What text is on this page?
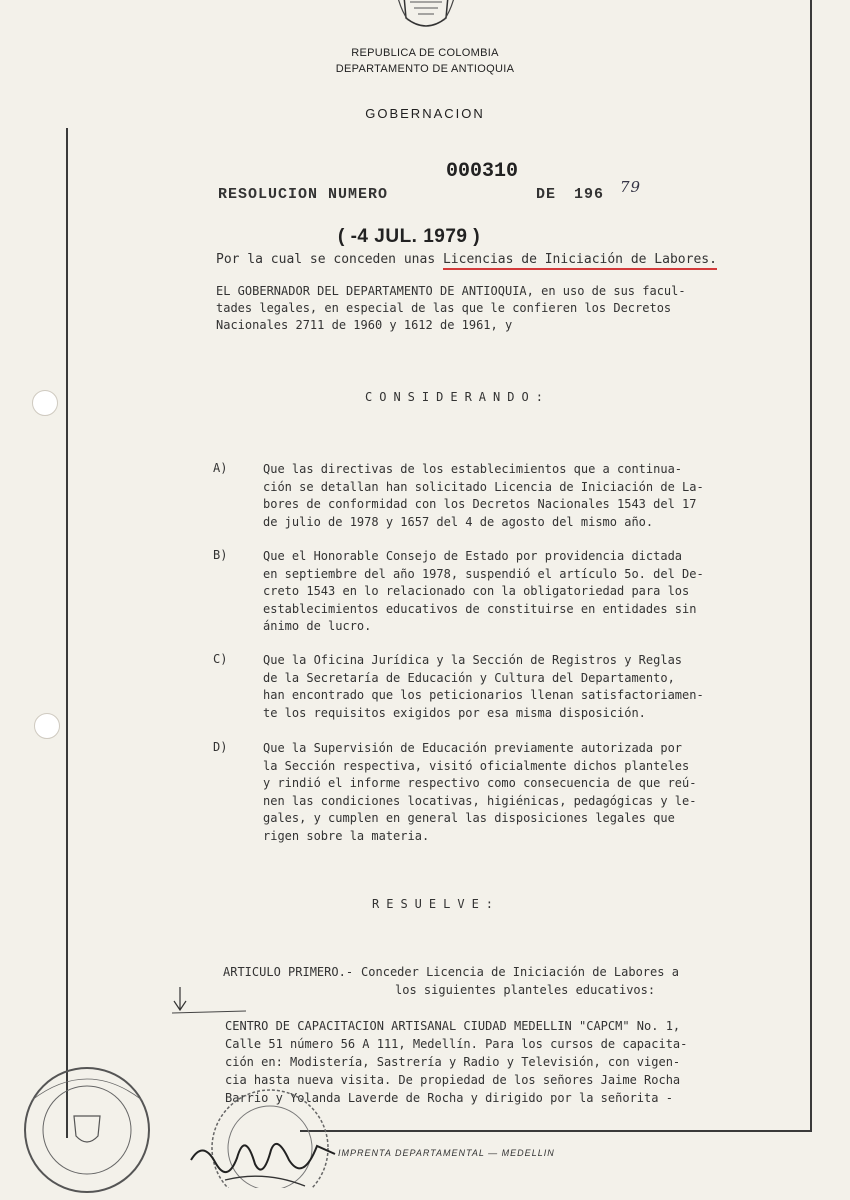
REPUBLICA DE COLOMBIA
DEPARTAMENTO DE ANTIOQUIA
GOBERNACION
RESOLUCION NUMERO
000310
DE 196 79
( -4 JUL. 1979 )
Por la cual se conceden unas Licencias de Iniciación de Labores.
EL GOBERNADOR DEL DEPARTAMENTO DE ANTIOQUIA, en uso de sus facul-
tades legales, en especial de las que le confieren los Decretos
Nacionales 2711 de 1960 y 1612 de 1961, y
CONSIDERANDO:
A)	Que las directivas de los establecimientos que a continua-
ción se detallan han solicitado Licencia de Iniciación de La-
bores de conformidad con los Decretos Nacionales 1543 del 17
de julio de 1978 y 1657 del 4 de agosto del mismo año.
B)	Que el Honorable Consejo de Estado por providencia dictada
en septiembre del año 1978, suspendió el artículo 5o. del De-
creto 1543 en lo relacionado con la obligatoriedad para los
establecimientos educativos de constituirse en entidades sin
ánimo de lucro.
C)	Que la Oficina Jurídica y la Sección de Registros y Reglas
de la Secretaría de Educación y Cultura del Departamento,
han encontrado que los peticionarios llenan satisfactoriamen-
te los requisitos exigidos por esa misma disposición.
D)	Que la Supervisión de Educación previamente autorizada por
la Sección respectiva, visitó oficialmente dichos planteles
y rindió el informe respectivo como consecuencia de que reú-
nen las condiciones locativas, higiénicas, pedagógicas y le-
gales, y cumplen en general las disposiciones legales que
rigen sobre la materia.
RESUELVE:
ARTICULO PRIMERO.- Conceder Licencia de Iniciación de Labores a
los siguientes planteles educativos:
CENTRO DE CAPACITACION ARTISANAL CIUDAD MEDELLIN "CAPCM" No. 1,
Calle 51 número 56 A 111, Medellín. Para los cursos de capacita-
ción en: Modistería, Sastrería y Radio y Televisión, con vigen-
cia hasta nueva visita. De propiedad de los señores Jaime Rocha
Barrio y Yolanda Laverde de Rocha y dirigido por la señorita -
IMPRENTA DEPARTAMENTAL — MEDELLIN
